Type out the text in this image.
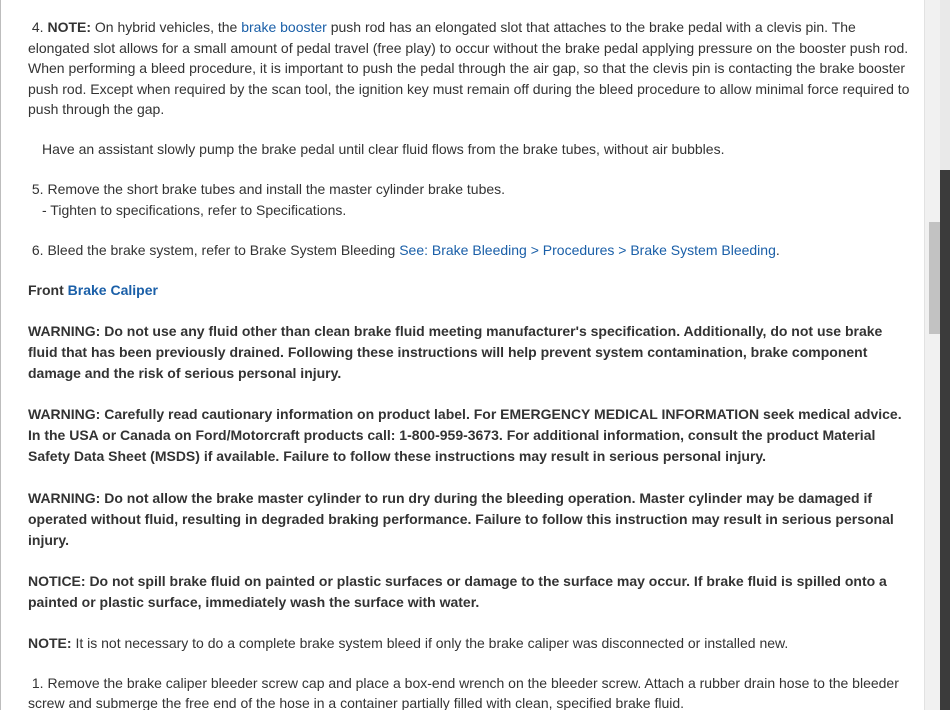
4. NOTE: On hybrid vehicles, the brake booster push rod has an elongated slot that attaches to the brake pedal with a clevis pin. The elongated slot allows for a small amount of pedal travel (free play) to occur without the brake pedal applying pressure on the booster push rod. When performing a bleed procedure, it is important to push the pedal through the air gap, so that the clevis pin is contacting the brake booster push rod. Except when required by the scan tool, the ignition key must remain off during the bleed procedure to allow minimal force required to push through the gap.

Have an assistant slowly pump the brake pedal until clear fluid flows from the brake tubes, without air bubbles.

5. Remove the short brake tubes and install the master cylinder brake tubes.

- Tighten to specifications, refer to Specifications.

6. Bleed the brake system, refer to Brake System Bleeding See: Brake Bleeding > Procedures > Brake System Bleeding.

Front Brake Caliper

WARNING: Do not use any fluid other than clean brake fluid meeting manufacturer's specification. Additionally, do not use brake fluid that has been previously drained. Following these instructions will help prevent system contamination, brake component damage and the risk of serious personal injury.

WARNING: Carefully read cautionary information on product label. For EMERGENCY MEDICAL INFORMATION seek medical advice. In the USA or Canada on Ford/Motorcraft products call: 1-800-959-3673. For additional information, consult the product Material Safety Data Sheet (MSDS) if available. Failure to follow these instructions may result in serious personal injury.

WARNING: Do not allow the brake master cylinder to run dry during the bleeding operation. Master cylinder may be damaged if operated without fluid, resulting in degraded braking performance. Failure to follow this instruction may result in serious personal injury.

NOTICE: Do not spill brake fluid on painted or plastic surfaces or damage to the surface may occur. If brake fluid is spilled onto a painted or plastic surface, immediately wash the surface with water.

NOTE: It is not necessary to do a complete brake system bleed if only the brake caliper was disconnected or installed new.

1. Remove the brake caliper bleeder screw cap and place a box-end wrench on the bleeder screw. Attach a rubber drain hose to the bleeder screw and submerge the free end of the hose in a container partially filled with clean, specified brake fluid.
